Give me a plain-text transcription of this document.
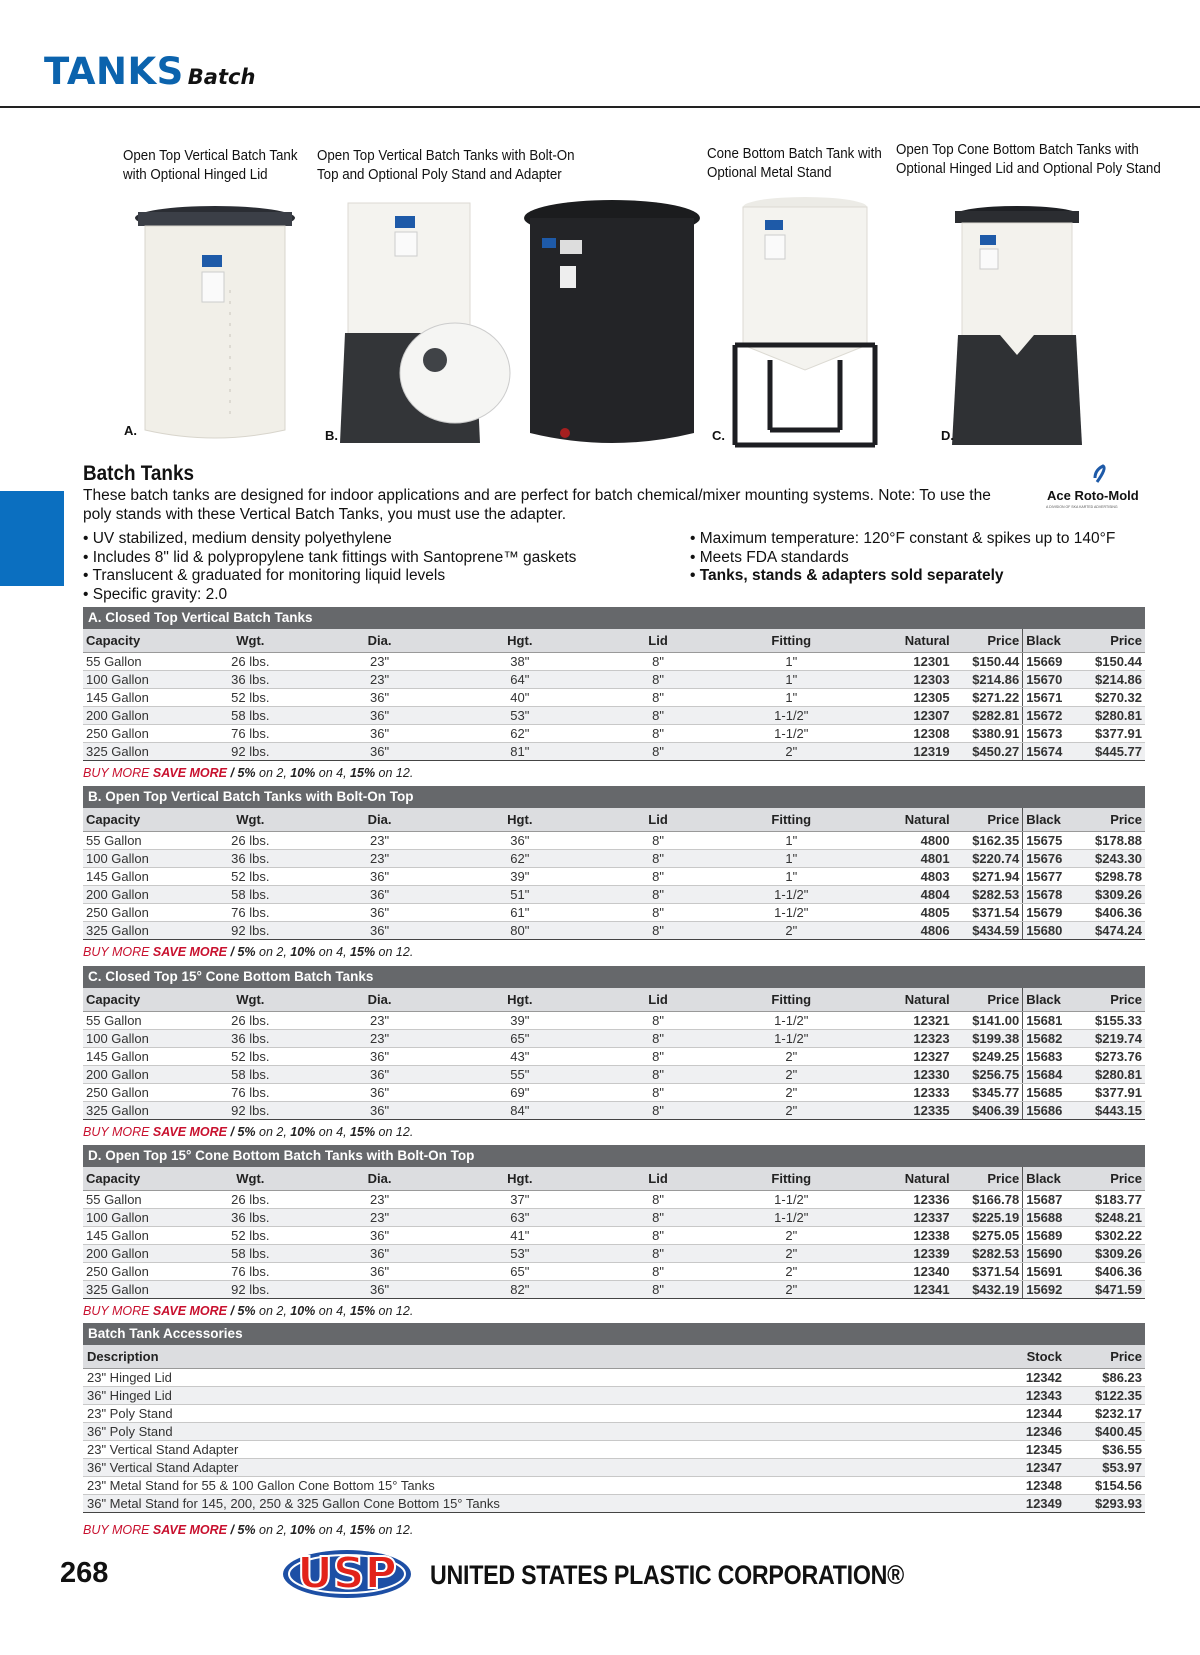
TANKS Batch
Open Top Vertical Batch Tank
with Optional Hinged Lid
Open Top Vertical Batch Tanks with Bolt-On
Top and Optional Poly Stand and Adapter
Cone Bottom Batch Tank with
Optional Metal Stand
Open Top Cone Bottom Batch Tanks with
Optional Hinged Lid and Optional Poly Stand
A.	B.	C.	D.
Batch Tanks
These batch tanks are designed for indoor applications and are perfect for batch chemical/mixer mounting systems. Note: To use the poly stands with these Vertical Batch Tanks, you must use the adapter.
Ace Roto-Mold
A DIVISION OF SKA KARTED ADVERTISING
• UV stabilized, medium density polyethylene
• Includes 8" lid & polypropylene tank fittings with Santoprene™ gaskets
• Translucent & graduated for monitoring liquid levels
• Specific gravity: 2.0
• Maximum temperature: 120°F constant & spikes up to 140°F
• Meets FDA standards
• Tanks, stands & adapters sold separately
A. Closed Top Vertical Batch Tanks
Capacity	Wgt.	Dia.	Hgt.	Lid	Fitting	Natural	Price	Black	Price
55 Gallon	26 lbs.	23"	38"	8"	1"	12301	$150.44	15669	$150.44
100 Gallon	36 lbs.	23"	64"	8"	1"	12303	$214.86	15670	$214.86
145 Gallon	52 lbs.	36"	40"	8"	1"	12305	$271.22	15671	$270.32
200 Gallon	58 lbs.	36"	53"	8"	1-1/2"	12307	$282.81	15672	$280.81
250 Gallon	76 lbs.	36"	62"	8"	1-1/2"	12308	$380.91	15673	$377.91
325 Gallon	92 lbs.	36"	81"	8"	2"	12319	$450.27	15674	$445.77
B. Open Top Vertical Batch Tanks with Bolt-On Top
Capacity	Wgt.	Dia.	Hgt.	Lid	Fitting	Natural	Price	Black	Price
55 Gallon	26 lbs.	23"	36"	8"	1"	4800	$162.35	15675	$178.88
100 Gallon	36 lbs.	23"	62"	8"	1"	4801	$220.74	15676	$243.30
145 Gallon	52 lbs.	36"	39"	8"	1"	4803	$271.94	15677	$298.78
200 Gallon	58 lbs.	36"	51"	8"	1-1/2"	4804	$282.53	15678	$309.26
250 Gallon	76 lbs.	36"	61"	8"	1-1/2"	4805	$371.54	15679	$406.36
325 Gallon	92 lbs.	36"	80"	8"	2"	4806	$434.59	15680	$474.24
C. Closed Top 15° Cone Bottom Batch Tanks
Capacity	Wgt.	Dia.	Hgt.	Lid	Fitting	Natural	Price	Black	Price
55 Gallon	26 lbs.	23"	39"	8"	1-1/2"	12321	$141.00	15681	$155.33
100 Gallon	36 lbs.	23"	65"	8"	1-1/2"	12323	$199.38	15682	$219.74
145 Gallon	52 lbs.	36"	43"	8"	2"	12327	$249.25	15683	$273.76
200 Gallon	58 lbs.	36"	55"	8"	2"	12330	$256.75	15684	$280.81
250 Gallon	76 lbs.	36"	69"	8"	2"	12333	$345.77	15685	$377.91
325 Gallon	92 lbs.	36"	84"	8"	2"	12335	$406.39	15686	$443.15
D. Open Top 15° Cone Bottom Batch Tanks with Bolt-On Top
Capacity	Wgt.	Dia.	Hgt.	Lid	Fitting	Natural	Price	Black	Price
55 Gallon	26 lbs.	23"	37"	8"	1-1/2"	12336	$166.78	15687	$183.77
100 Gallon	36 lbs.	23"	63"	8"	1-1/2"	12337	$225.19	15688	$248.21
145 Gallon	52 lbs.	36"	41"	8"	2"	12338	$275.05	15689	$302.22
200 Gallon	58 lbs.	36"	53"	8"	2"	12339	$282.53	15690	$309.26
250 Gallon	76 lbs.	36"	65"	8"	2"	12340	$371.54	15691	$406.36
325 Gallon	92 lbs.	36"	82"	8"	2"	12341	$432.19	15692	$471.59
Batch Tank Accessories
Description	Stock	Price
23" Hinged Lid	12342	$86.23
36" Hinged Lid	12343	$122.35
23" Poly Stand	12344	$232.17
36" Poly Stand	12346	$400.45
23" Vertical Stand Adapter	12345	$36.55
36" Vertical Stand Adapter	12347	$53.97
23" Metal Stand for 55 & 100 Gallon Cone Bottom 15° Tanks	12348	$154.56
36" Metal Stand for 145, 200, 250 & 325 Gallon Cone Bottom 15° Tanks	12349	$293.93
BUY MORE SAVE MORE / 5% on 2, 10% on 4, 15% on 12.
BUY MORE SAVE MORE / 5% on 2, 10% on 4, 15% on 12.
BUY MORE SAVE MORE / 5% on 2, 10% on 4, 15% on 12.
BUY MORE SAVE MORE / 5% on 2, 10% on 4, 15% on 12.
BUY MORE SAVE MORE / 5% on 2, 10% on 4, 15% on 12.
268	USP UNITED STATES PLASTIC CORPORATION®
